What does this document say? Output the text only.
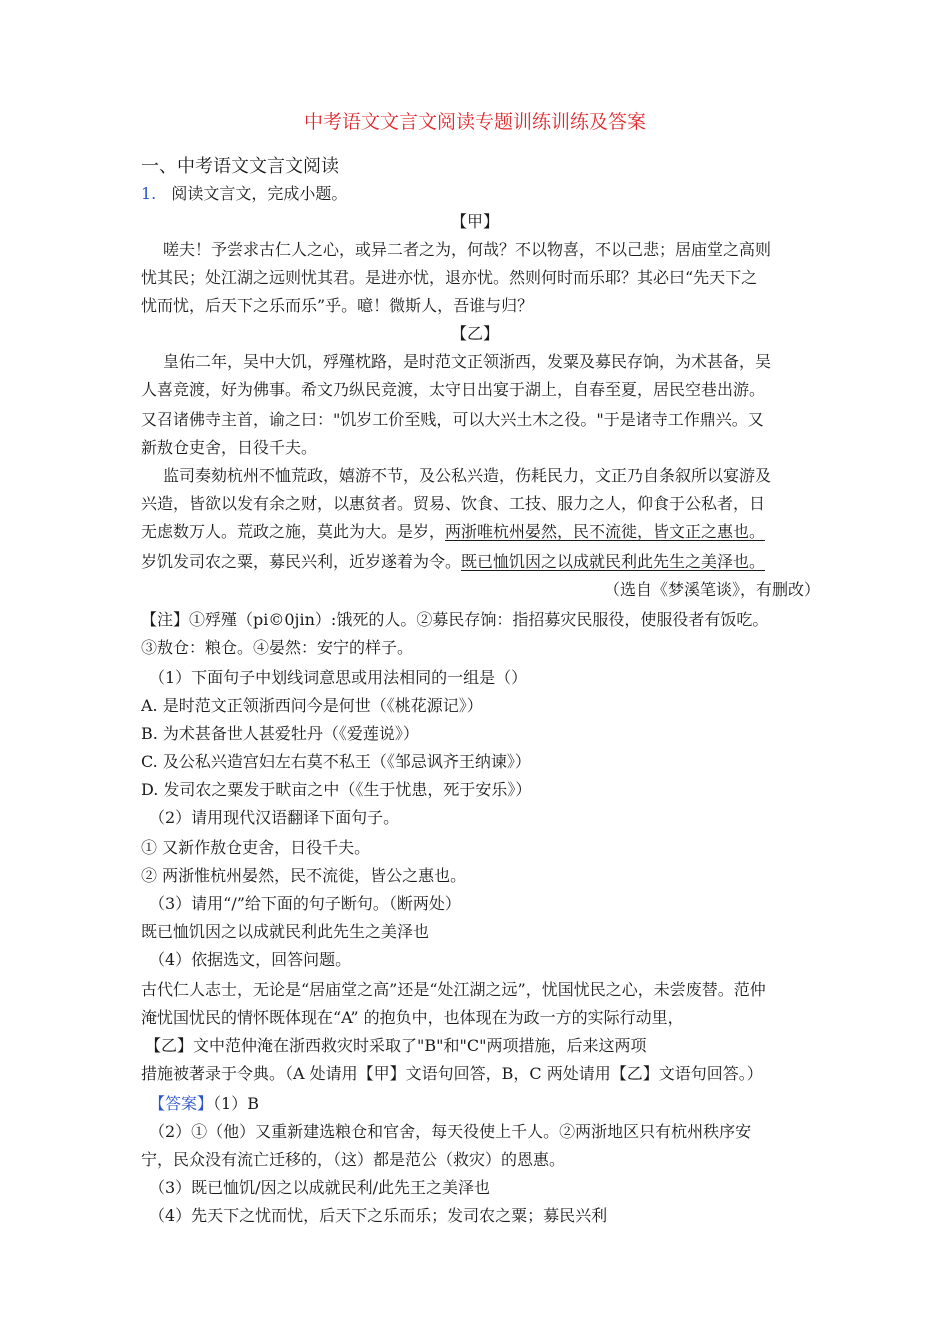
中考语文文言文阅读专题训练训练及答案
一、中考语文文言文阅读
1. 阅读文言文，完成小题。
【甲】
嗟夫！予尝求古仁人之心，或异二者之为，何哉？不以物喜，不以己悲；居庙堂之高则
忧其民；处江湖之远则忧其君。是进亦忧，退亦忧。然则何时而乐耶？其必曰“先天下之
忧而忧，后天下之乐而乐”乎。噫！微斯人，吾谁与归？
【乙】
皇佑二年，吴中大饥，殍殣枕路，是时范文正领浙西，发粟及募民存饷，为术甚备，吴
人喜竞渡，好为佛事。希文乃纵民竞渡，太守日出宴于湖上，自春至夏，居民空巷出游。
又召诸佛寺主首，谕之曰："饥岁工价至贱，可以大兴土木之役。"于是诸寺工作鼎兴。又
新敖仓吏舍，日役千夫。
监司奏劾杭州不恤荒政，嬉游不节，及公私兴造，伤耗民力，文正乃自条叙所以宴游及
兴造，皆欲以发有余之财，以惠贫者。贸易、饮食、工技、服力之人，仰食于公私者，日
无虑数万人。荒政之施，莫此为大。是岁，两浙唯杭州晏然，民不流徙，皆文正之惠也。
岁饥发司农之粟，募民兴利，近岁遂着为令。既已恤饥因之以成就民利此先生之美泽也。
（选自《梦溪笔谈》，有删改）
【注】①殍殣（pi©0jin）:饿死的人。②募民存饷：指招募灾民服役，使服役者有饭吃。
③敖仓：粮仓。④晏然：安宁的样子。
（1）下面句子中划线词意思或用法相同的一组是（）
A. 是时范文正领浙西问今是何世（《桃花源记》）
B. 为术甚备世人甚爱牡丹（《爱莲说》）
C. 及公私兴造宫妇左右莫不私王（《邹忌讽齐王纳谏》）
D. 发司农之粟发于畎亩之中（《生于忧患，死于安乐》）
（2）请用现代汉语翻译下面句子。
① 又新作敖仓吏舍，日役千夫。
② 两浙惟杭州晏然，民不流徙，皆公之惠也。
（3）请用“/”给下面的句子断句。（断两处）
既已恤饥因之以成就民利此先生之美泽也
（4）依据选文，回答问题。
古代仁人志士，无论是“居庙堂之高”还是“处江湖之远”，忧国忧民之心，未尝废替。范仲
淹忧国忧民的情怀既体现在“A” 的抱负中，也体现在为政一方的实际行动里，
【乙】文中范仲淹在浙西救灾时采取了"B"和"C"两项措施，后来这两项
措施被著录于令典。（A 处请用【甲】文语句回答，B，C 两处请用【乙】文语句回答。）
【答案】（1）B
（2）①（他）又重新建选粮仓和官舍，每天役使上千人。②两浙地区只有杭州秩序安
宁，民众没有流亡迁移的，（这）都是范公（救灾）的恩惠。
（3）既已恤饥/因之以成就民利/此先王之美泽也
（4）先天下之忧而忧，后天下之乐而乐；发司农之粟；募民兴利
